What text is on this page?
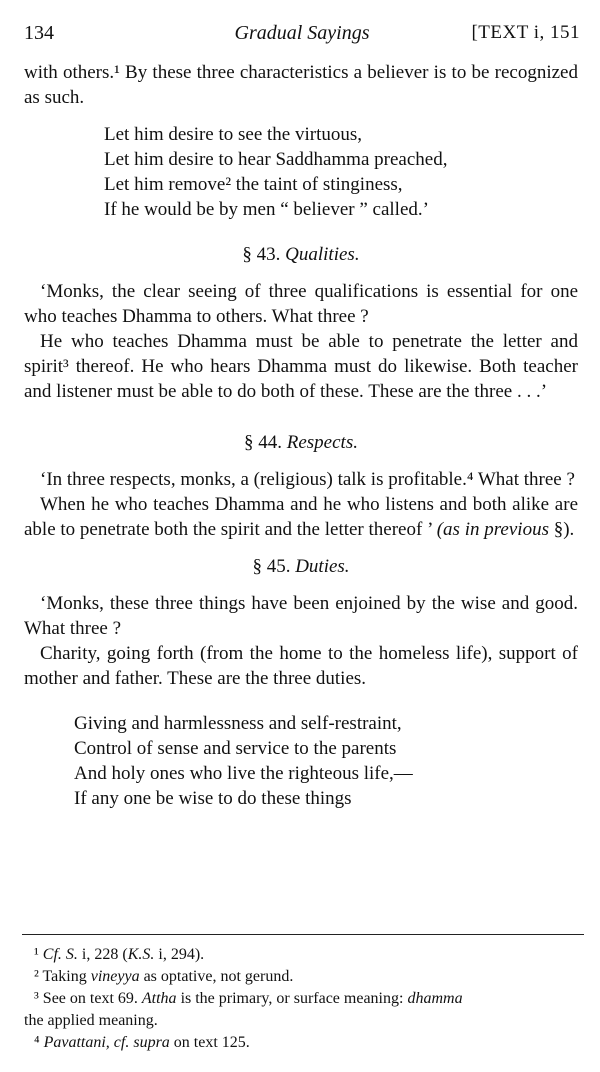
134	Gradual Sayings	[TEXT i, 151

with others.¹ By these three characteristics a believer is to be recognized as such.

Let him desire to see the virtuous,
Let him desire to hear Saddhamma preached,
Let him remove² the taint of stinginess,
If he would be by men “ believer ” called.’

§ 43. Qualities.

‘Monks, the clear seeing of three qualifications is essential for one who teaches Dhamma to others. What three ?

He who teaches Dhamma must be able to penetrate the letter and spirit³ thereof. He who hears Dhamma must do likewise. Both teacher and listener must be able to do both of these. These are the three . . .’

§ 44. Respects.

‘In three respects, monks, a (religious) talk is profitable.⁴ What three ?

When he who teaches Dhamma and he who listens and both alike are able to penetrate both the spirit and the letter thereof ’ (as in previous §).

§ 45. Duties.

‘Monks, these three things have been enjoined by the wise and good. What three ?

Charity, going forth (from the home to the homeless life), support of mother and father. These are the three duties.

Giving and harmlessness and self-restraint,
Control of sense and service to the parents
And holy ones who live the righteous life,—
If any one be wise to do these things

¹ Cf. S. i, 228 (K.S. i, 294).

² Taking vineyya as optative, not gerund.

³ See on text 69. Attha is the primary, or surface meaning: dhamma

the applied meaning.

⁴ Pavattani, cf. supra on text 125.
